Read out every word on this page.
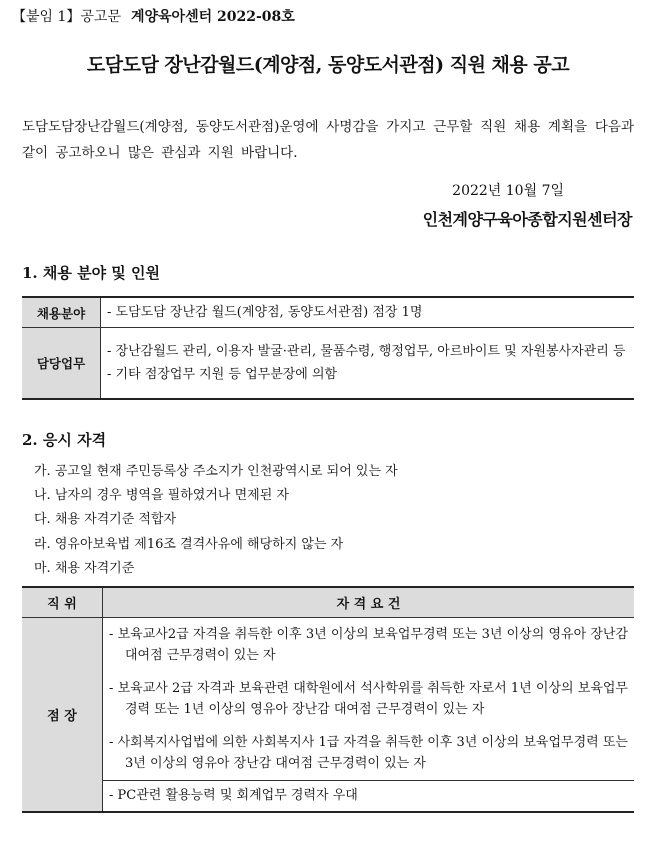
【붙임 1】공고문 계양육아센터 2022-08호
도담도담 장난감월드(계양점, 동양도서관점) 직원 채용 공고
도담도담장난감월드(계양점, 동양도서관점)운영에 사명감을 가지고 근무할 직원 채용 계획을 다음과 같이 공고하오니 많은 관심과 지원 바랍니다.
2022년 10월 7일
인천계양구육아종합지원센터장
1. 채용 분야 및 인원
채용분야	- 도담도담 장난감 월드(계양점, 동양도서관점) 점장 1명

담당업무	- 장난감월드 관리, 이용자 발굴·관리, 물품수령, 행정업무, 아르바이트 및 자원봉사자관리 등
- 기타 점장업무 지원 등 업무분장에 의함
2. 응시 자격
가. 공고일 현재 주민등록상 주소지가 인천광역시로 되어 있는 자
나. 남자의 경우 병역을 필하였거나 면제된 자
다. 채용 자격기준 적합자
라. 영유아보육법 제16조 결격사유에 해당하지 않는 자
마. 채용 자격기준
직 위	자 격 요 건
점 장	- 보육교사2급 자격을 취득한 이후 3년 이상의 보육업무경력 또는 3년 이상의 영유아 장난감 대여점 근무경력이 있는 자
- 보육교사 2급 자격과 보육관련 대학원에서 석사학위를 취득한 자로서 1년 이상의 보육업무경력 또는 1년 이상의 영유아 장난감 대여점 근무경력이 있는 자
- 사회복지사업법에 의한 사회복지사 1급 자격을 취득한 이후 3년 이상의 보육업무경력 또는 3년 이상의 영유아 장난감 대여점 근무경력이 있는 자

	- PC관련 활용능력 및 회계업무 경력자 우대
